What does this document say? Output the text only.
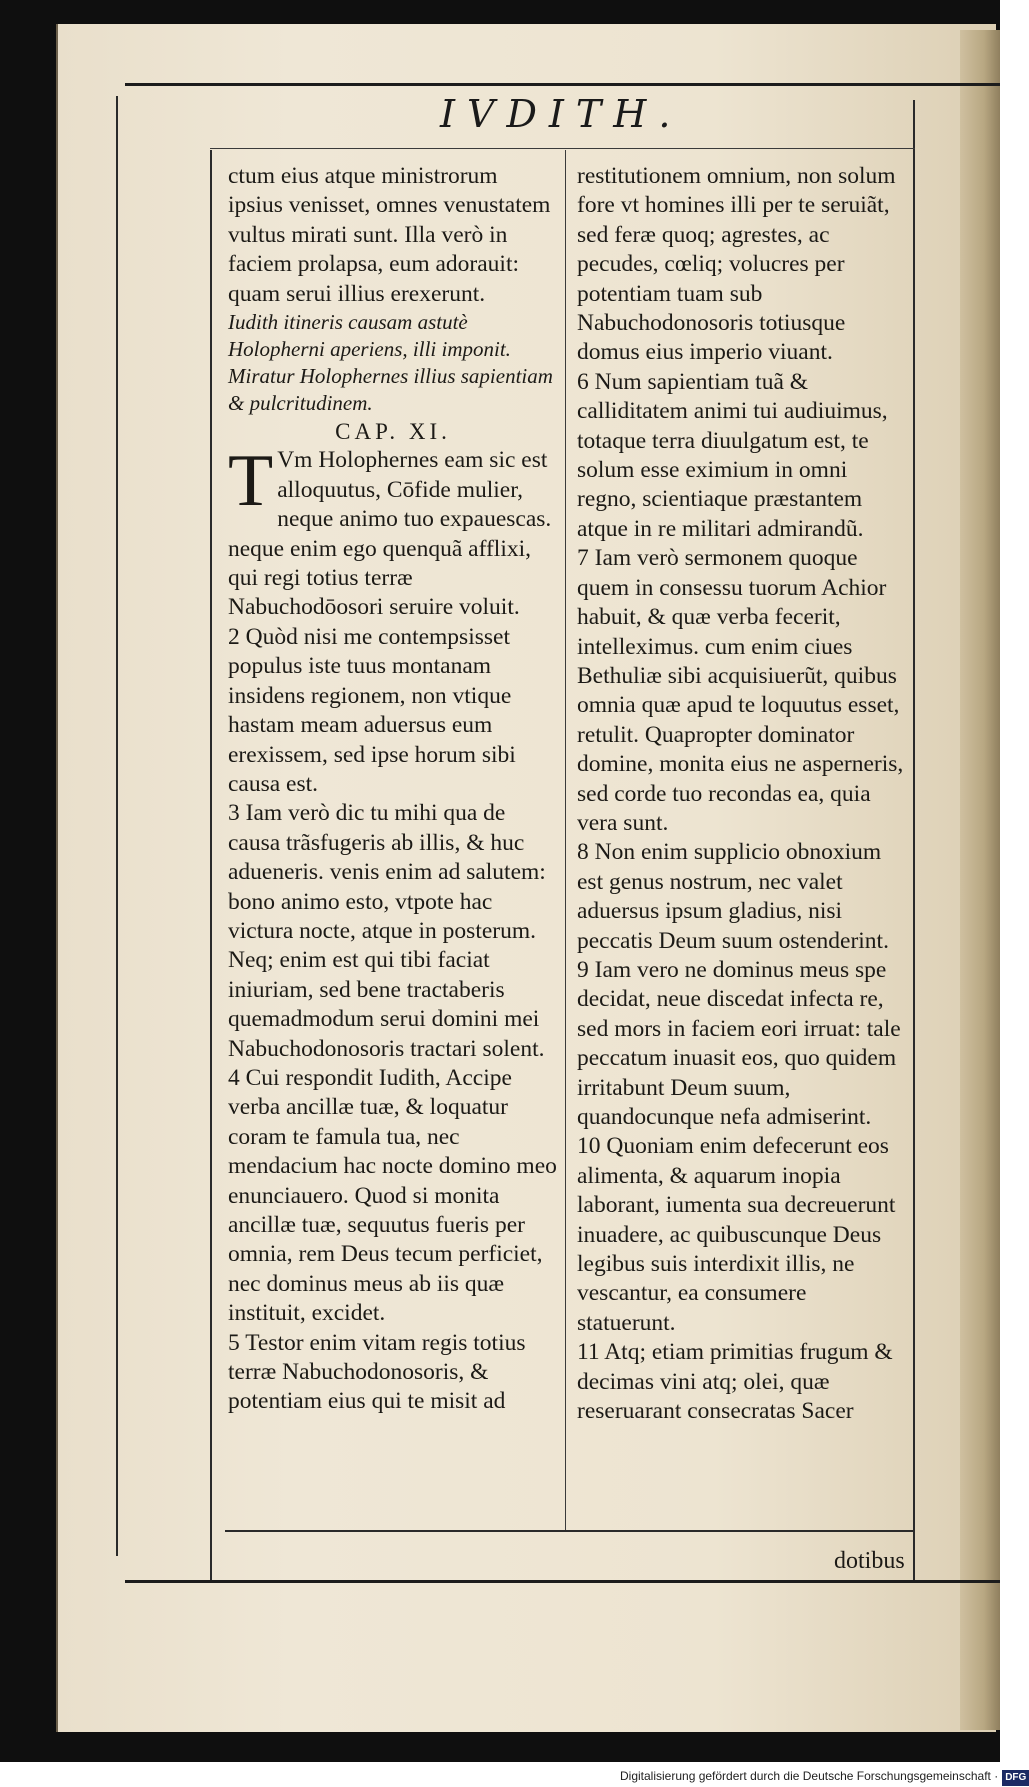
IVDITH.

ctum eius atque ministrorum ipsius venisset, omnes venustatem vultus mirati sunt. Illa verò in faciem prolapsa, eum adorauit: quam serui illius erexerunt.

Iudith itineris causam astutè Holopherni aperiens, illi imponit. Miratur Holophernes illius sapientiam & pulcritudinem.

CAP. XI.

T Vm Holophernes eam sic est alloquutus, Cōfide mulier, neque animo tuo expauescas. neque enim ego quenquã afflixi, qui regi totius terræ Nabuchodōosori seruire voluit.

2 Quòd nisi me contempsisset populus iste tuus montanam insidens regionem, non vtique hastam meam aduersus eum erexissem, sed ipse horum sibi causa est.

3 Iam verò dic tu mihi qua de causa trãsfugeris ab illis, & huc adueneris. venis enim ad salutem: bono animo esto, vtpote hac victura nocte, atque in posterum. Neq; enim est qui tibi faciat iniuriam, sed bene tractaberis quemadmodum serui domini mei Nabuchodonosoris tractari solent.

4 Cui respondit Iudith, Accipe verba ancillæ tuæ, & loquatur coram te famula tua, nec mendacium hac nocte domino meo enunciauero. Quod si monita ancillæ tuæ, sequutus fueris per omnia, rem Deus tecum perficiet, nec dominus meus ab iis quæ instituit, excidet.

5 Testor enim vitam regis totius terræ Nabuchodonosoris, & potentiam eius qui te misit ad

restitutionem omnium, non solum fore vt homines illi per te seruiãt, sed feræ quoq; agrestes, ac pecudes, cœliq; volucres per potentiam tuam sub Nabuchodonosoris totiusque domus eius imperio viuant.

6 Num sapientiam tuã & calliditatem animi tui audiuimus, totaque terra diuulgatum est, te solum esse eximium in omni regno, scientiaque præstantem atque in re militari admirandũ.

7 Iam verò sermonem quoque quem in consessu tuorum Achior habuit, & quæ verba fecerit, intelleximus. cum enim ciues Bethuliæ sibi acquisiuerũt, quibus omnia quæ apud te loquutus esset, retulit. Quapropter dominator domine, monita eius ne asperneris, sed corde tuo recondas ea, quia vera sunt.

8 Non enim supplicio obnoxium est genus nostrum, nec valet aduersus ipsum gladius, nisi peccatis Deum suum ostenderint.

9 Iam vero ne dominus meus spe decidat, neue discedat infecta re, sed mors in faciem eori irruat: tale peccatum inuasit eos, quo quidem irritabunt Deum suum, quandocunque nefa admiserint.

10 Quoniam enim defecerunt eos alimenta, & aquarum inopia laborant, iumenta sua decreuerunt inuadere, ac quibuscunque Deus legibus suis interdixit illis, ne vescantur, ea consumere statuerunt.

11 Atq; etiam primitias frugum & decimas vini atq; olei, quæ reseruarant consecratas Sacer

dotibus
Digitalisierung gefördert durch die Deutsche Forschungsgemeinschaft · DFG
